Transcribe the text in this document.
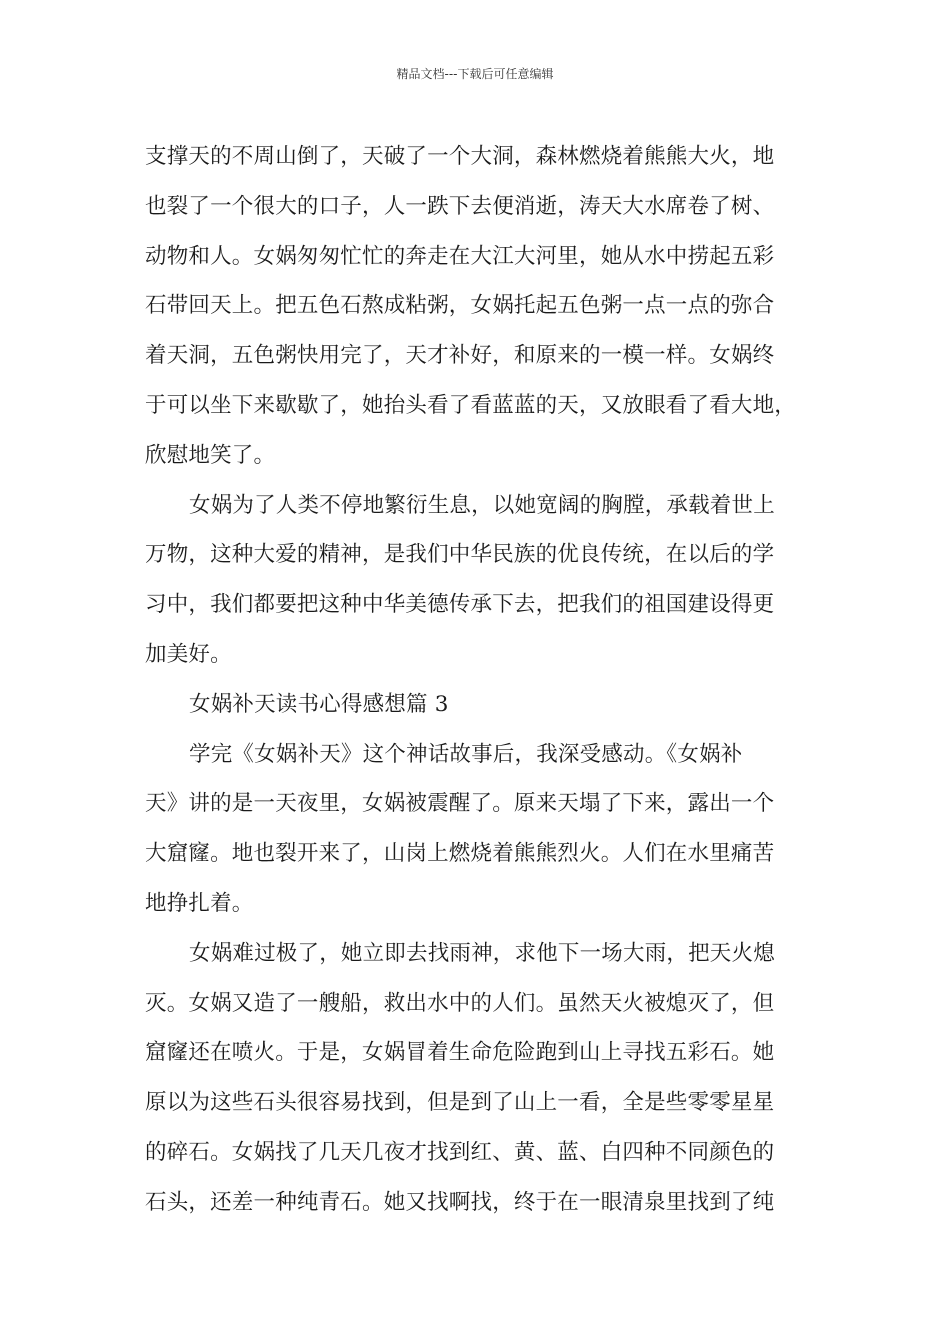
精品文档---下载后可任意编辑
支撑天的不周山倒了，天破了一个大洞，森林燃烧着熊熊大火，地
也裂了一个很大的口子，人一跌下去便消逝，涛天大水席卷了树、
动物和人。女娲匆匆忙忙的奔走在大江大河里，她从水中捞起五彩
石带回天上。把五色石熬成粘粥，女娲托起五色粥一点一点的弥合
着天洞，五色粥快用完了，天才补好，和原来的一模一样。女娲终
于可以坐下来歇歇了，她抬头看了看蓝蓝的天，又放眼看了看大地，
欣慰地笑了。
女娲为了人类不停地繁衍生息，以她宽阔的胸膛，承载着世上
万物，这种大爱的精神，是我们中华民族的优良传统，在以后的学
习中，我们都要把这种中华美德传承下去，把我们的祖国建设得更
加美好。
女娲补天读书心得感想篇 3
学完《女娲补天》这个神话故事后，我深受感动。《女娲补
天》讲的是一天夜里，女娲被震醒了。原来天塌了下来，露出一个
大窟窿。地也裂开来了，山岗上燃烧着熊熊烈火。人们在水里痛苦
地挣扎着。
女娲难过极了，她立即去找雨神，求他下一场大雨，把天火熄
灭。女娲又造了一艘船，救出水中的人们。虽然天火被熄灭了，但
窟窿还在喷火。于是，女娲冒着生命危险跑到山上寻找五彩石。她
原以为这些石头很容易找到，但是到了山上一看，全是些零零星星
的碎石。女娲找了几天几夜才找到红、黄、蓝、白四种不同颜色的
石头，还差一种纯青石。她又找啊找，终于在一眼清泉里找到了纯
